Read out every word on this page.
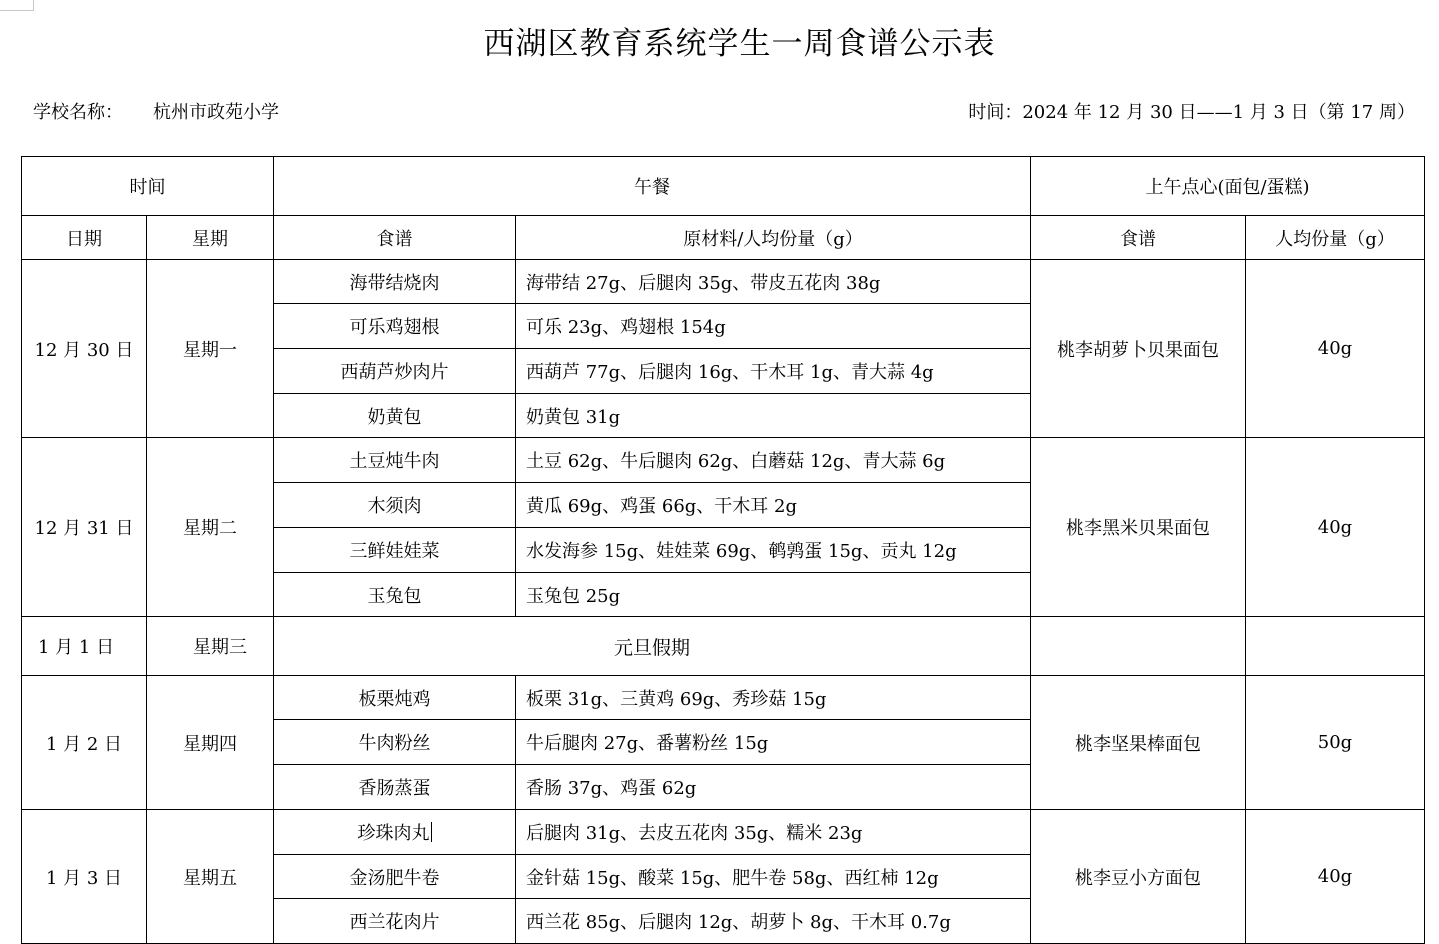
西湖区教育系统学生一周食谱公示表
学校名称： 杭州市政苑小学	时间：2024 年 12 月 30 日——1 月 3 日（第 17 周）
时间		午餐		上午点心(面包/蛋糕)	
日期	星期	食谱	原材料/人均份量（g）	食谱	人均份量（g）
12 月 30 日	星期一	海带结烧肉	海带结 27g、后腿肉 35g、带皮五花肉 38g	桃李胡萝卜贝果面包	40g
		可乐鸡翅根	可乐 23g、鸡翅根 154g		
		西葫芦炒肉片	西葫芦 77g、后腿肉 16g、干木耳 1g、青大蒜 4g		
		奶黄包	奶黄包 31g		
12 月 31 日	星期二	土豆炖牛肉	土豆 62g、牛后腿肉 62g、白蘑菇 12g、青大蒜 6g	桃李黑米贝果面包	40g
		木须肉	黄瓜 69g、鸡蛋 66g、干木耳 2g		
		三鲜娃娃菜	水发海参 15g、娃娃菜 69g、鹌鹑蛋 15g、贡丸 12g		
		玉兔包	玉兔包 25g		
1 月 1 日	星期三	元旦假期			
1 月 2 日	星期四	板栗炖鸡	板栗 31g、三黄鸡 69g、秀珍菇 15g	桃李坚果棒面包	50g
		牛肉粉丝	牛后腿肉 27g、番薯粉丝 15g		
		香肠蒸蛋	香肠 37g、鸡蛋 62g		
1 月 3 日	星期五	珍珠肉丸	后腿肉 31g、去皮五花肉 35g、糯米 23g	桃李豆小方面包	40g
		金汤肥牛卷	金针菇 15g、酸菜 15g、肥牛卷 58g、西红柿 12g		
		西兰花肉片	西兰花 85g、后腿肉 12g、胡萝卜 8g、干木耳 0.7g		
